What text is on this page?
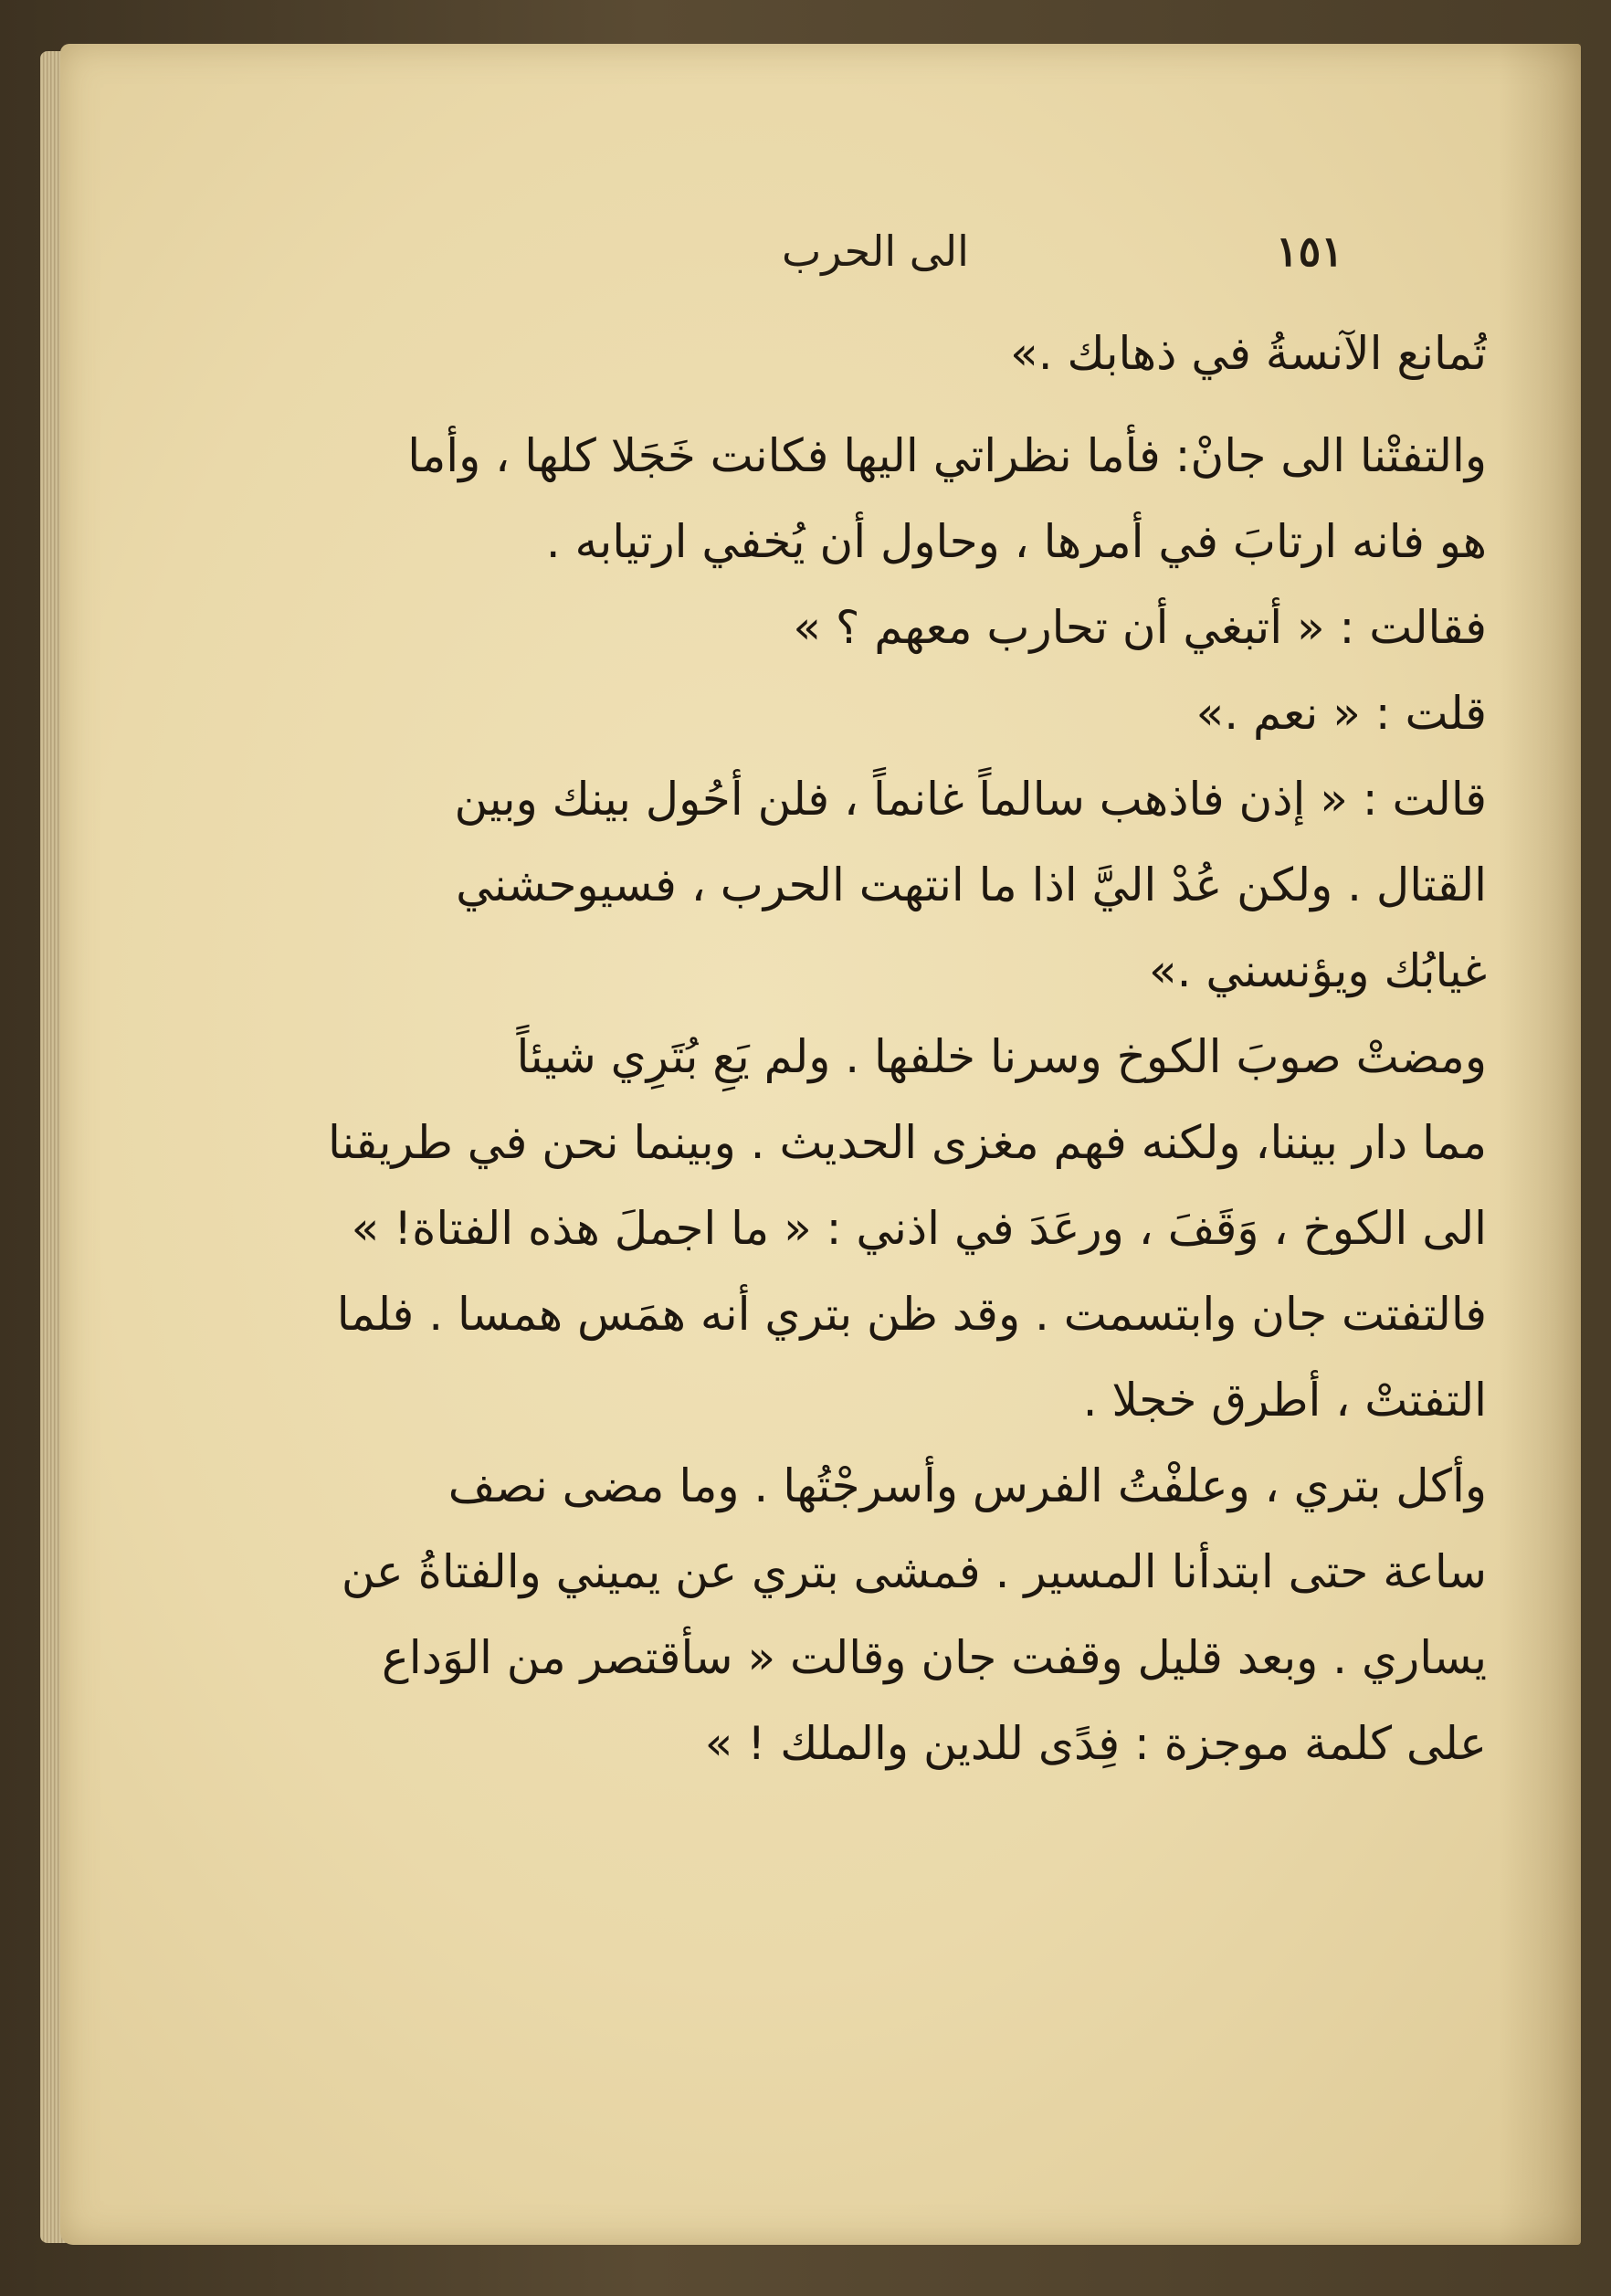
١٥١
الى الحرب

تُمانع الآنسةُ في ذهابك .»

والتفتْنا الى جانْ: فأما نظراتي اليها فكانت خَجَلا كلها ، وأما

هو فانه ارتابَ في أمرها ، وحاول أن يُخفي ارتيابه .

فقالت : « أتبغي أن تحارب معهم ؟ »

قلت : « نعم .»

قالت : « إذن فاذهب سالماً غانماً ، فلن أحُول بينك وبين

القتال . ولكن عُدْ اليَّ اذا ما انتهت الحرب ، فسيوحشني

غيابُك ويؤنسني .»

ومضتْ صوبَ الكوخ وسرنا خلفها . ولم يَعِ بُتَرِي شيئاً

مما دار بيننا، ولكنه فهم مغزى الحديث . وبينما نحن في طريقنا

الى الكوخ ، وَقَفَ ، ورعَدَ في اذني : « ما اجملَ هذه الفتاة! »

فالتفتت جان وابتسمت . وقد ظن بتري أنه همَس همسا . فلما

التفتتْ ، أطرق خجلا .

وأكل بتري ، وعلفْتُ الفرس وأسرجْتُها . وما مضى نصف

ساعة حتى ابتدأنا المسير . فمشى بتري عن يميني والفتاةُ عن

يساري . وبعد قليل وقفت جان وقالت « سأقتصر من الوَداع

على كلمة موجزة : فِدًى للدين والملك ! »
